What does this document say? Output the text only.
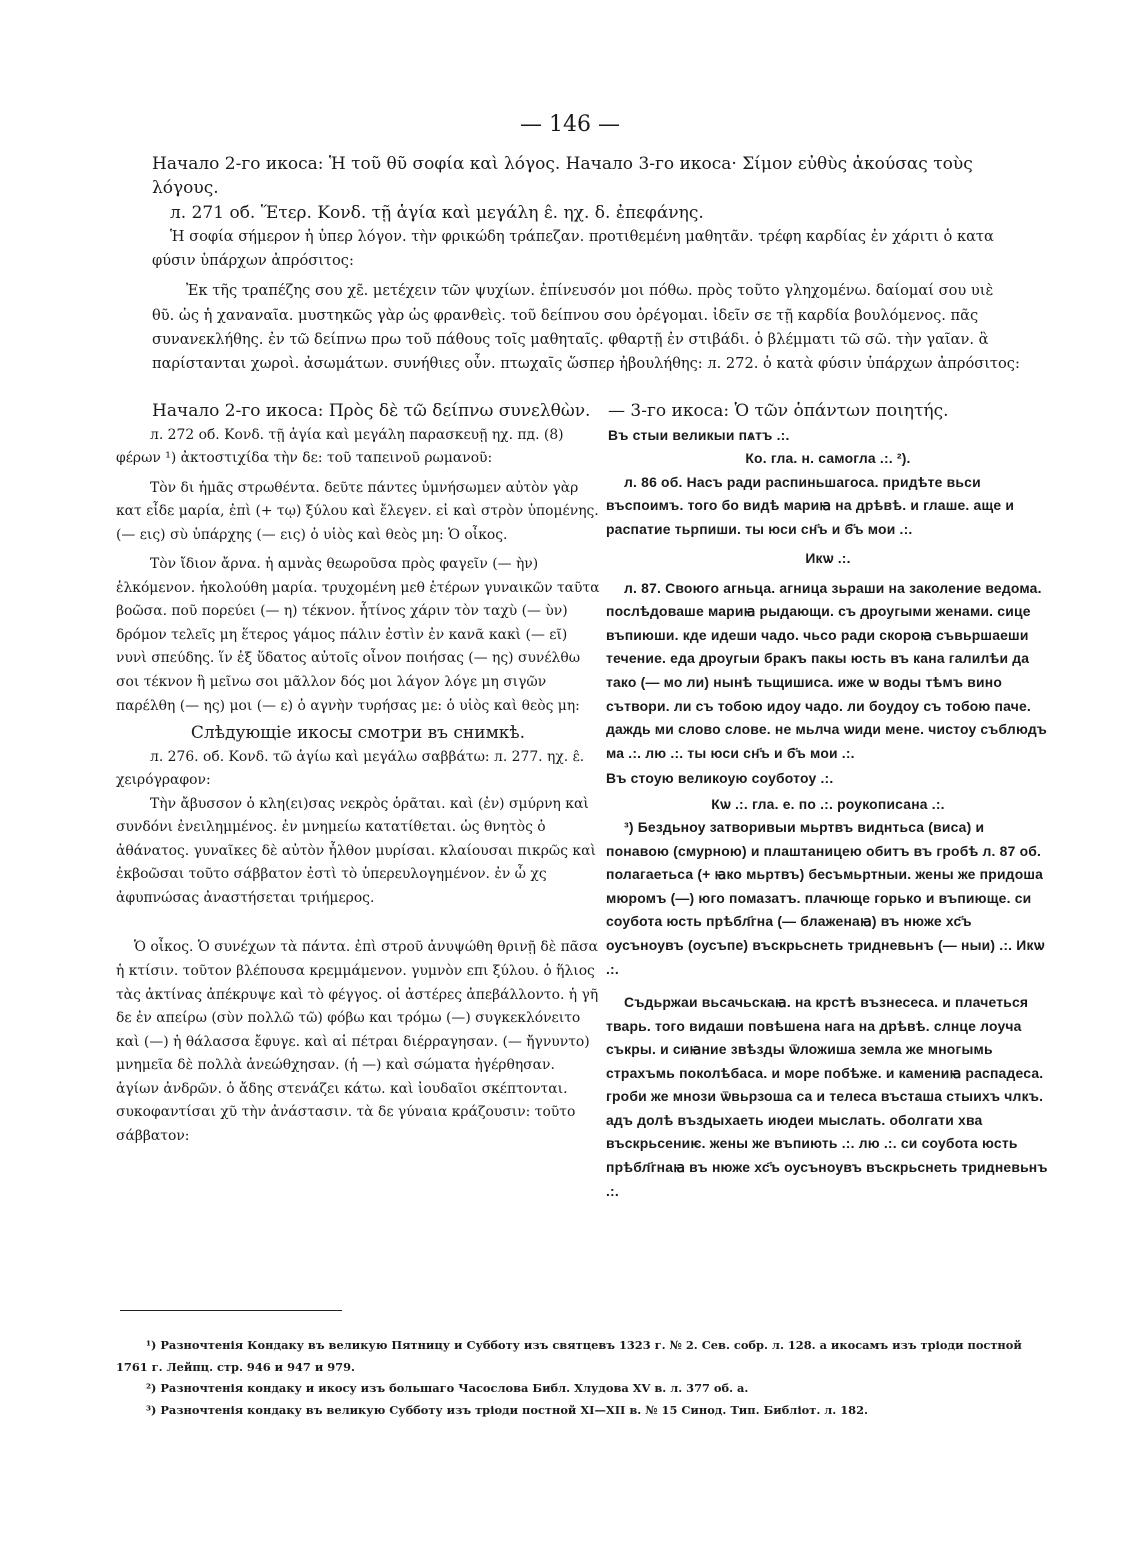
— 146 —

Начало 2-го икоса: Ἡ τοῦ θῦ σοφία καὶ λόγος. Начало 3-го икоса· Σίμον εὐθὺς ἀκούσας τοὺς λόγους.

л. 271 об. Ἕτερ. Κονδ. τῇ ἁγία καὶ μεγάλη ε̂. ηχ. δ. ἐπεφάνης.

Ἡ σοφία σήμερον ἡ ὑπερ λόγον. τὴν φρικώδη τράπεζαν. προτιθεμένη μαθητᾶν. τρέφη καρδίας ἐν χάριτι ὁ κατα φύσιν ὑπάρχων ἀπρόσιτος:

Ἐκ τῆς τραπέζης σου χε̃. μετέχειν τῶν ψυχίων. ἐπίνευσόν μοι πόθω. πρὸς τοῦτο γληχομένω. δαίομαί σου υιὲ θῦ. ὡς ἡ χαναναῖα. μυστηκῶς γὰρ ὡς φρανθεὶς. τοῦ δείπνου σου ὀρέγομαι. ἰδεῖν σε τῇ καρδία βουλόμενος. πᾶς συνανεκλήθης. ἐν τῶ δείπνω πρω τοῦ πάθους τοῖς μαθηταῖς. φθαρτῇ ἐν στιβάδι. ὁ βλέμματι τῶ σῶ. τὴν γαῖαν. ἃ παρίστανται χωροὶ. ἀσωμάτων. συνήθιες οὖν. πτωχαῖς ὥσπερ ἠβουλήθης: л. 272. ὁ κατὰ φύσιν ὑπάρχων ἀπρόσιτος:

Начало 2-го икоса: Πρὸς δὲ τῶ δείπνω συνελθὼν.

л. 272 об. Κονδ. τῇ ἁγία καὶ μεγάλη παρασκευῇ ηχ. πд. (8) φέρων ¹) ἀκτοστιχίδα τὴν δε: τοῦ ταπεινοῦ ρωμανοῦ:

Τὸν δι ἡμᾶς στρωθέντα. δεῦτε πάντες ὑμνήσωμεν αὐτὸν γὰρ κατ εἶδε μαρία, ἐπὶ (+ τῳ) ξύλου καὶ ἔλεγεν. εἰ καὶ στρὸν ὑπομένης. (— εις) σὺ ὑπάρχης (— εις) ὁ υἱὸς καὶ θεὸς μη: Ὁ οἶκος.

Τὸν ἴδιον ἄρνα. ἡ αμνὰς θεωροῦσα πρὸς φαγεῖν (— ὴν) ἑλκόμενον. ἠκολούθη μαρία. τρυχομένη μεθ ἑτέρων γυναικῶν ταῦτα βοῶσα. ποῦ πορεύει (— η) τέκνον. ἧτίνος χάριν τὸν ταχὺ (— ὺν) δρόμον τελεῖς μη ἕτερος γάμος πάλιν ἐστὶν ἐν κανᾶ κακὶ (— εῖ) νυνὶ σπεύδης. ἵν ἐξ ὕδατος αὐτοῖς οἶνον ποιήσας (— ης) συνέλθω σοι τέκνον ἢ μεῖνω σοι μᾶλλον δός μοι λάγον λόγε μη σιγῶν παρέλθη (— ης) μοι (— ε) ὁ αγνὴν τυρήσας με: ὁ υἱὸς καὶ θεὸς μη:

Слѣдующіе икосы смотри въ снимкѣ.

л. 276. об. Κονδ. τῶ ἁγίω καὶ μεγάλω σαββάτω: л. 277. ηχ. ε̂. χειρόγραφον:

Τὴν ἄβυσσον ὁ κλη(ει)σας νεκρὸς ὁρᾶται. καὶ (ἐν) σμύρνη καὶ συνδόνι ἐνειλημμένος. ἐν μνημείω κατατίθεται. ὡς θνητὸς ὁ ἀθάνατος. γυναῖκες δὲ αὐτὸν ἦλθον μυρίσαι. κλαίουσαι πικρῶς καὶ ἐκβοῶσαι τοῦτο σάββατον ἐστὶ τὸ ὑπερευλογημένον. ἐν ὧ χς ἀφυπνώσας ἀναστήσεται τριήμερος.

Ὁ οἶκος. Ὁ συνέχων τὰ πάντα. ἐπὶ στροῦ ἀνυψώθη θρινῇ δὲ πᾶσα ἡ κτίσιν. τοῦτον βλέπουσα κρεμμάμενον. γυμνὸν επι ξύλου. ὁ ἥλιος τὰς ἀκτίνας ἀπέκρυψε καὶ τὸ φέγγος. οἱ ἀστέρες ἀπεβάλλοντο. ἡ γῆ δε ἐν απείρω (σὺν πολλῶ τῶ) φόβω και τρόμω (—) συγκεκλόνειτο καὶ (—) ἡ θάλασσα ἔφυγε. καὶ αἱ πέτραι διέρραγησαν. (— ἤγνυντο) μνημεῖα δὲ πολλὰ ἀνεώθχησαν. (ἡ —) καὶ σώματα ἠγέρθησαν. ἁγίων ἀνδρῶν. ὁ ἄδης στενάζει κάτω. καὶ ἰουδαῖοι σκέπτονται. συκοφαντίσαι χῦ τὴν ἀνάστασιν. τὰ δε γύναια κράζουσιν: τοῦτο σάββατον:

— 3-го икоса: Ὁ τῶν ὁπάντων ποιητής.

Въ стыи великыи пѧтъ .:.

Ко. гла. н. самогла .:. ²).

л. 86 об. Насъ ради распиньшагоса. придѣте вьси въспоимъ. того бо видѣ мариꙗ на дрѣвѣ. и глаше. аще и распатие тьрпиши. ты юси сн҃ъ и б҃ъ мои .:.

Икѡ .:.

л. 87. Своюго агньца. агница зьраши на заколение ведома. послѣдоваше мариꙗ рыдающи. съ дроугыми женами. сице въпиюши. кде идеши чадо. чьсо ради скороꙗ съвьршаеши течение. еда дроугыи бракъ пакы юсть въ кана галилѣи да тако (— мо ли) нынѣ тьщишиса. иже ѡ воды тѣмъ вино сътвори. ли съ тобою идоу чадо. ли боудоу съ тобою паче. даждь ми слово слове. не мьлча ѡиди мене. чистоу съблюдъ ма .:. лю .:. ты юси сн҃ъ и б҃ъ мои .:.

Въ стоую великоую соуботоу .:.

Кѡ .:. гла. е. по .:. роукописана .:.

³) Бездьноу затворивыи мьртвъ виднтьса (виса) и понавою (смурною) и плаштаницею обитъ въ гробѣ л. 87 об. полагаетьса (+ ꙗко мьртвъ) бесъмьртныи. жены же придоша мюромъ (—) юго помазатъ. плачюще горько и въпиюще. си соубота юсть прѣбл҃гна (— блаженаꙗ) въ нюже хс҃ъ оусъноувъ (оусъпе) въскрьснеть тридневьнъ (— ныи) .:. Икѡ .:.

Съдьржаи вьсачьскаꙗ. на крстѣ възнесеса. и плачеться тварь. того видаши повѣшена нага на дрѣвѣ. слнце лоуча съкры. и сиꙗние звѣзды ѿложиша земла же многымь страхъмь поколѣбаса. и море побѣже. и камениꙗ распадеса. гроби же мнози ѿвьрзоша са и телеса въсташа стыихъ члкъ. адъ долѣ въздыхаеть июдеи мыслать. оболгати хва въскрьсениѥ. жены же въпиють .:. лю .:. си соубота юсть прѣбл҃гнаꙗ въ нюже хс҃ъ оусъноувъ въскрьснеть тридневьнъ .:.

¹) Разночтенія Кондаку въ великую Пятницу и Субботу изъ святцевъ 1323 г. № 2. Сев. собр. л. 128. а икосамъ изъ тріоди постной 1761 г. Лейпц. стр. 946 и 947 и 979.

²) Разночтенія кондаку и икосу изъ большаго Часослова Библ. Хлудова XV в. л. 377 об. а.

³) Разночтенія кондаку въ великую Субботу изъ тріоди постной XI—XII в. № 15 Синод. Тип. Библіот. л. 182.
